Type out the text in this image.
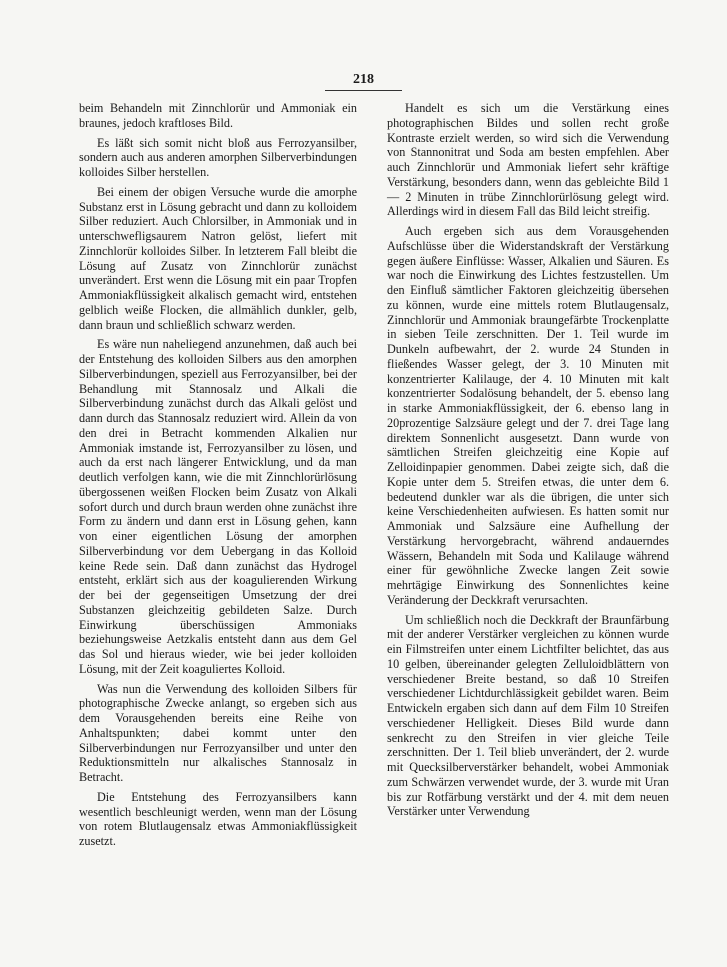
218

beim Behandeln mit Zinnchlorür und Ammoniak ein braunes, jedoch kraftloses Bild.

Es läßt sich somit nicht bloß aus Ferrozyansilber, sondern auch aus anderen amorphen Silberverbindungen kolloides Silber herstellen.

Bei einem der obigen Versuche wurde die amorphe Substanz erst in Lösung gebracht und dann zu kolloidem Silber reduziert. Auch Chlorsilber, in Ammoniak und in unterschwefligsaurem Natron gelöst, liefert mit Zinnchlorür kolloides Silber. In letzterem Fall bleibt die Lösung auf Zusatz von Zinnchlorür zunächst unverändert. Erst wenn die Lösung mit ein paar Tropfen Ammoniakflüssigkeit alkalisch gemacht wird, entstehen gelblich weiße Flocken, die allmählich dunkler, gelb, dann braun und schließlich schwarz werden.

Es wäre nun naheliegend anzunehmen, daß auch bei der Entstehung des kolloiden Silbers aus den amorphen Silberverbindungen, speziell aus Ferrozyansilber, bei der Behandlung mit Stannosalz und Alkali die Silberverbindung zunächst durch das Alkali gelöst und dann durch das Stannosalz reduziert wird. Allein da von den drei in Betracht kommenden Alkalien nur Ammoniak imstande ist, Ferrozyansilber zu lösen, und auch da erst nach längerer Entwicklung, und da man deutlich verfolgen kann, wie die mit Zinnchlorürlösung übergossenen weißen Flocken beim Zusatz von Alkali sofort durch und durch braun werden ohne zunächst ihre Form zu ändern und dann erst in Lösung gehen, kann von einer eigentlichen Lösung der amorphen Silberverbindung vor dem Uebergang in das Kolloid keine Rede sein. Daß dann zunächst das Hydrogel entsteht, erklärt sich aus der koagulierenden Wirkung der bei der gegenseitigen Umsetzung der drei Substanzen gleichzeitig gebildeten Salze. Durch Einwirkung überschüssigen Ammoniaks beziehungsweise Aetzkalis entsteht dann aus dem Gel das Sol und hieraus wieder, wie bei jeder kolloiden Lösung, mit der Zeit koaguliertes Kolloid.

Was nun die Verwendung des kolloiden Silbers für photographische Zwecke anlangt, so ergeben sich aus dem Vorausgehenden bereits eine Reihe von Anhaltspunkten; dabei kommt unter den Silberverbindungen nur Ferrozyansilber und unter den Reduktionsmitteln nur alkalisches Stannosalz in Betracht.

Die Entstehung des Ferrozyansilbers kann wesentlich beschleunigt werden, wenn man der Lösung von rotem Blutlaugensalz etwas Ammoniakflüssigkeit zusetzt.

Handelt es sich um die Verstärkung eines photographischen Bildes und sollen recht große Kontraste erzielt werden, so wird sich die Verwendung von Stannonitrat und Soda am besten empfehlen. Aber auch Zinnchlorür und Ammoniak liefert sehr kräftige Verstärkung, besonders dann, wenn das gebleichte Bild 1 — 2 Minuten in trübe Zinnchlorürlösung gelegt wird. Allerdings wird in diesem Fall das Bild leicht streifig.

Auch ergeben sich aus dem Vorausgehenden Aufschlüsse über die Widerstandskraft der Verstärkung gegen äußere Einflüsse: Wasser, Alkalien und Säuren. Es war noch die Einwirkung des Lichtes festzustellen. Um den Einfluß sämtlicher Faktoren gleichzeitig übersehen zu können, wurde eine mittels rotem Blutlaugensalz, Zinnchlorür und Ammoniak braungefärbte Trockenplatte in sieben Teile zerschnitten. Der 1. Teil wurde im Dunkeln aufbewahrt, der 2. wurde 24 Stunden in fließendes Wasser gelegt, der 3. 10 Minuten mit konzentrierter Kalilauge, der 4. 10 Minuten mit kalt konzentrierter Sodalösung behandelt, der 5. ebenso lang in starke Ammoniakflüssigkeit, der 6. ebenso lang in 20prozentige Salzsäure gelegt und der 7. drei Tage lang direktem Sonnenlicht ausgesetzt. Dann wurde von sämtlichen Streifen gleichzeitig eine Kopie auf Zelloidinpapier genommen. Dabei zeigte sich, daß die Kopie unter dem 5. Streifen etwas, die unter dem 6. bedeutend dunkler war als die übrigen, die unter sich keine Verschiedenheiten aufwiesen. Es hatten somit nur Ammoniak und Salzsäure eine Aufhellung der Verstärkung hervorgebracht, während andauerndes Wässern, Behandeln mit Soda und Kalilauge während einer für gewöhnliche Zwecke langen Zeit sowie mehrtägige Einwirkung des Sonnenlichtes keine Veränderung der Deckkraft verursachten.

Um schließlich noch die Deckkraft der Braunfärbung mit der anderer Verstärker vergleichen zu können wurde ein Filmstreifen unter einem Lichtfilter belichtet, das aus 10 gelben, übereinander gelegten Zelluloidblättern von verschiedener Breite bestand, so daß 10 Streifen verschiedener Lichtdurchlässigkeit gebildet waren. Beim Entwickeln ergaben sich dann auf dem Film 10 Streifen verschiedener Helligkeit. Dieses Bild wurde dann senkrecht zu den Streifen in vier gleiche Teile zerschnitten. Der 1. Teil blieb unverändert, der 2. wurde mit Quecksilberverstärker behandelt, wobei Ammoniak zum Schwärzen verwendet wurde, der 3. wurde mit Uran bis zur Rotfärbung verstärkt und der 4. mit dem neuen Verstärker unter Verwendung
